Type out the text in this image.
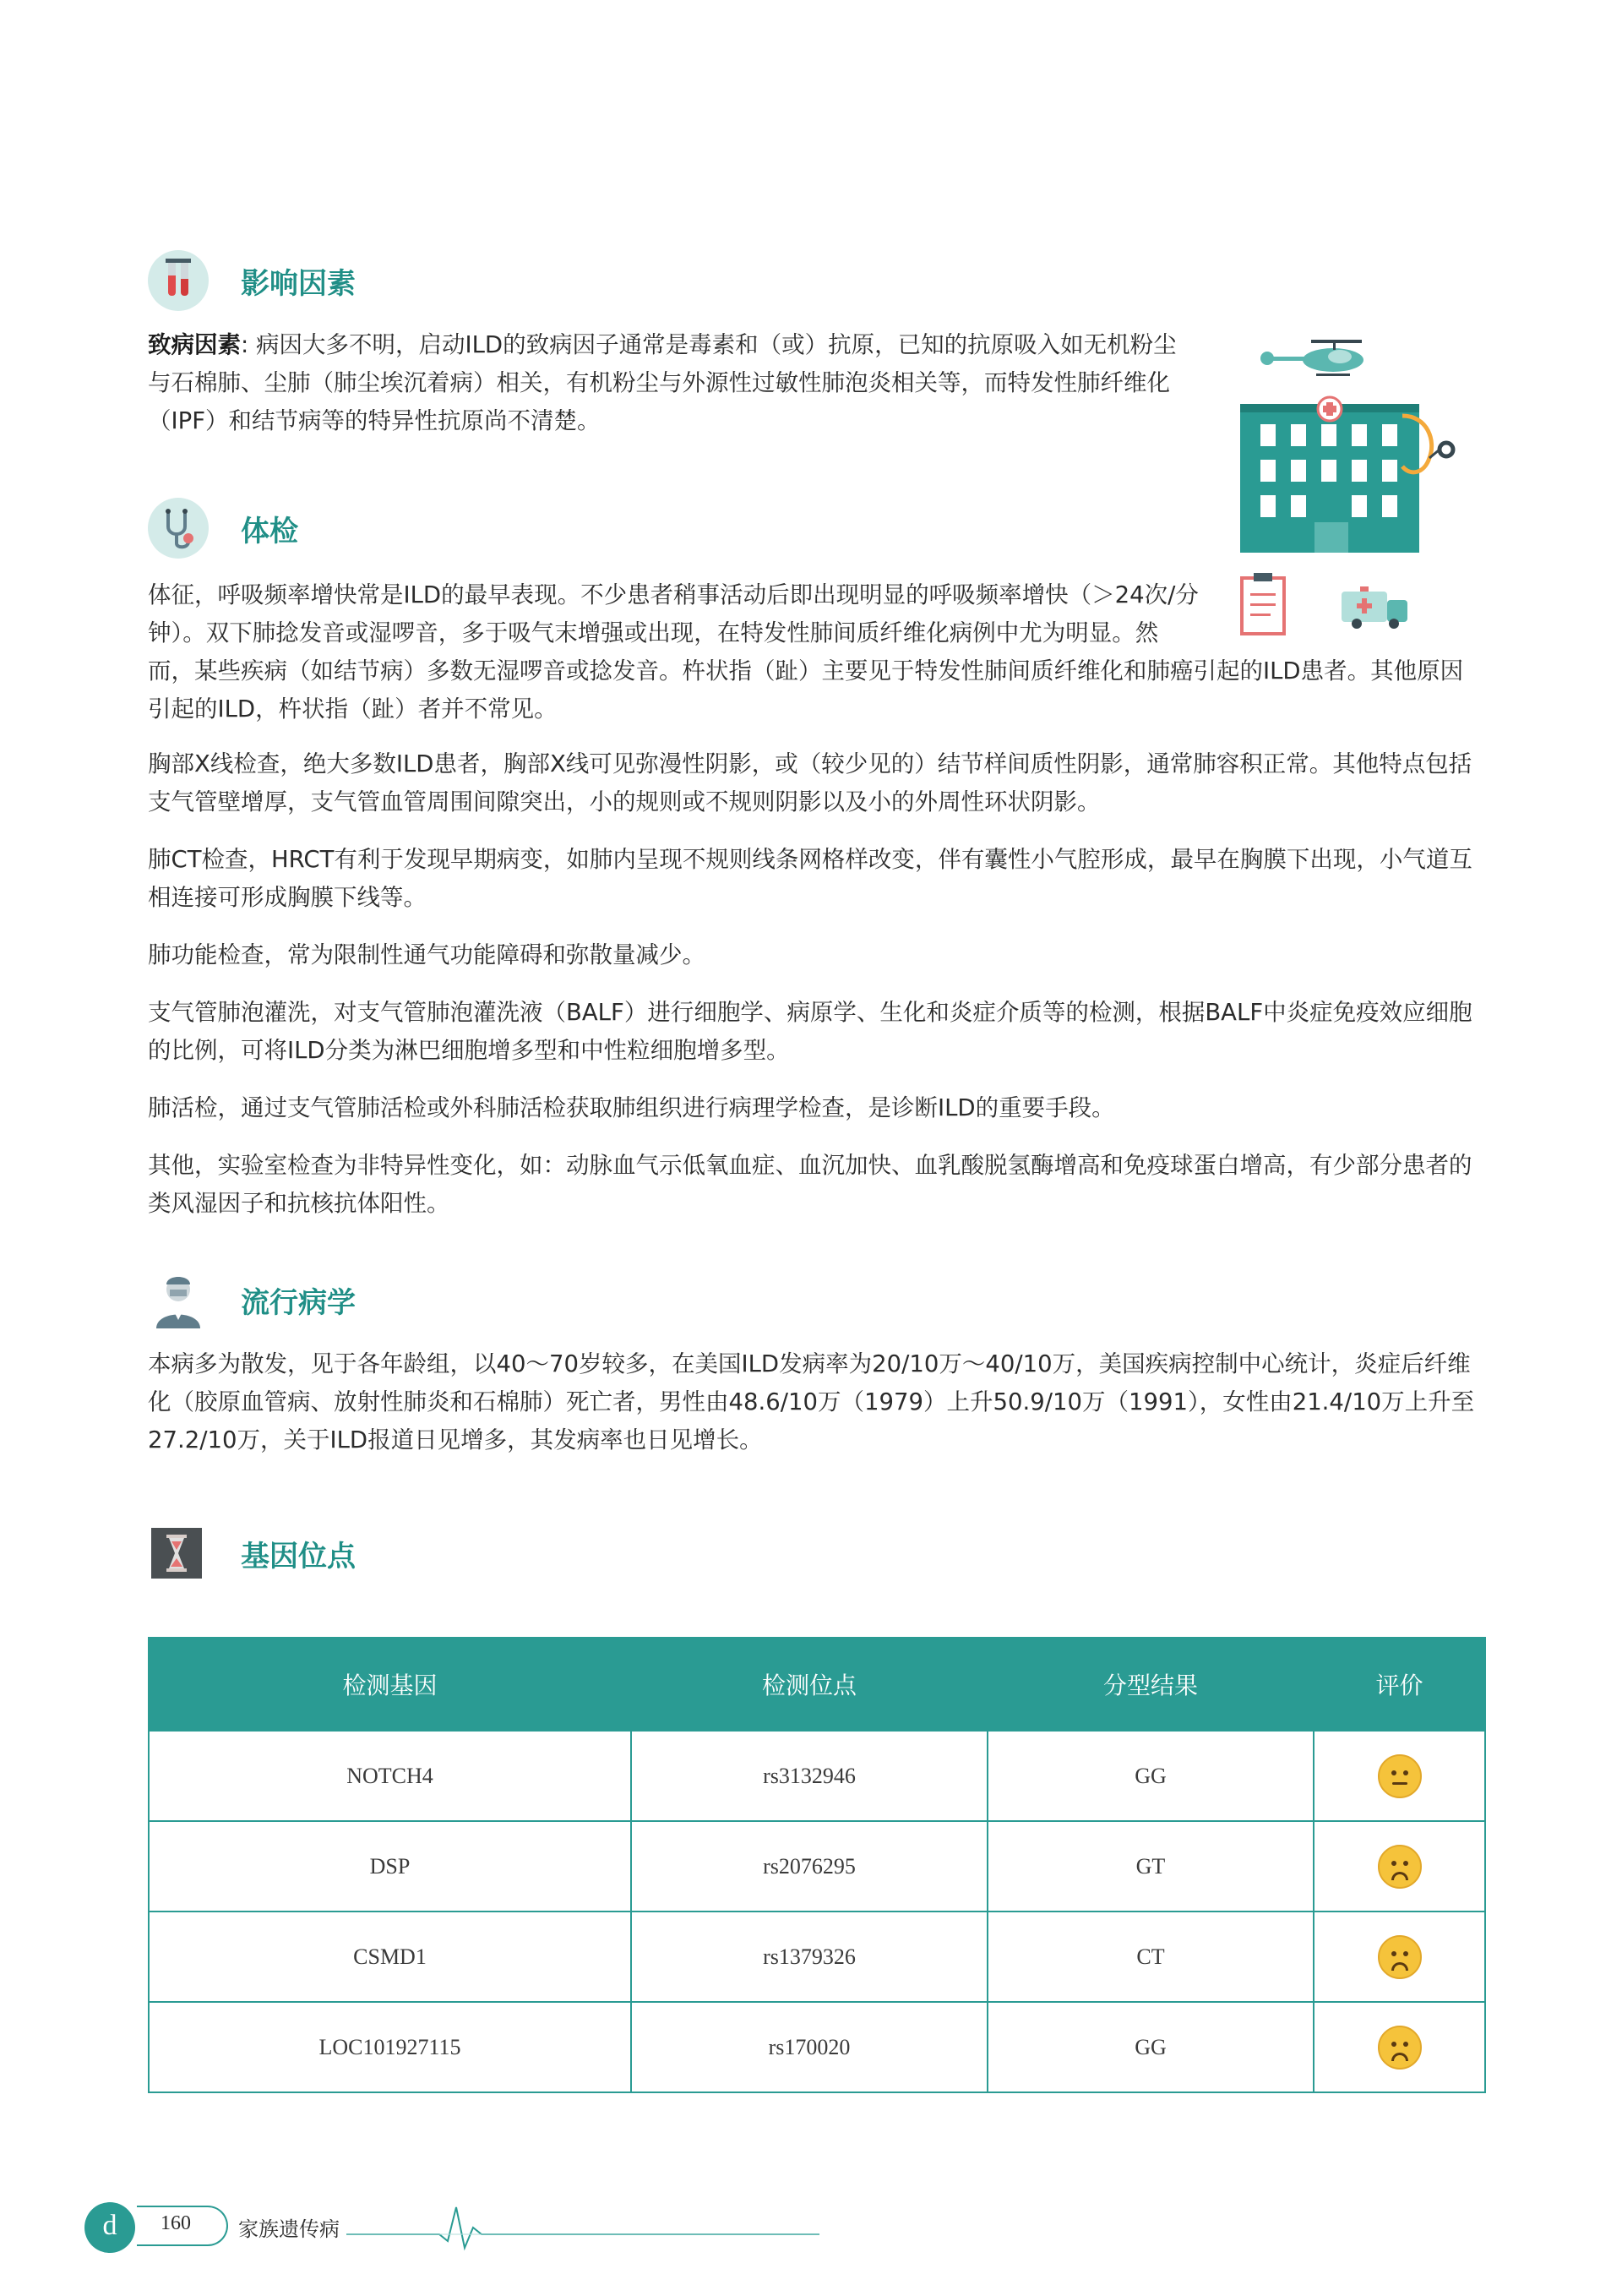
影响因素

致病因素: 病因大多不明，启动ILD的致病因子通常是毒素和（或）抗原，已知的抗原吸入如无机粉尘与石棉肺、尘肺（肺尘埃沉着病）相关，有机粉尘与外源性过敏性肺泡炎相关等，而特发性肺纤维化（IPF）和结节病等的特异性抗原尚不清楚。

体检

体征，呼吸频率增快常是ILD的最早表现。不少患者稍事活动后即出现明显的呼吸频率增快（＞24次/分钟）。双下肺捻发音或湿啰音，多于吸气末增强或出现，在特发性肺间质纤维化病例中尤为明显。然而，某些疾病（如结节病）多数无湿啰音或捻发音。杵状指（趾）主要见于特发性肺间质纤维化和肺癌引起的ILD患者。其他原因引起的ILD，杵状指（趾）者并不常见。

胸部X线检查，绝大多数ILD患者，胸部X线可见弥漫性阴影，或（较少见的）结节样间质性阴影，通常肺容积正常。其他特点包括支气管壁增厚，支气管血管周围间隙突出，小的规则或不规则阴影以及小的外周性环状阴影。

肺CT检查，HRCT有利于发现早期病变，如肺内呈现不规则线条网格样改变，伴有囊性小气腔形成，最早在胸膜下出现，小气道互相连接可形成胸膜下线等。

肺功能检查，常为限制性通气功能障碍和弥散量减少。

支气管肺泡灌洗，对支气管肺泡灌洗液（BALF）进行细胞学、病原学、生化和炎症介质等的检测，根据BALF中炎症免疫效应细胞的比例，可将ILD分类为淋巴细胞增多型和中性粒细胞增多型。

肺活检，通过支气管肺活检或外科肺活检获取肺组织进行病理学检查，是诊断ILD的重要手段。

其他，实验室检查为非特异性变化，如：动脉血气示低氧血症、血沉加快、血乳酸脱氢酶增高和免疫球蛋白增高，有少部分患者的类风湿因子和抗核抗体阳性。

流行病学

本病多为散发，见于各年龄组，以40～70岁较多，在美国ILD发病率为20/10万～40/10万，美国疾病控制中心统计，炎症后纤维化（胶原血管病、放射性肺炎和石棉肺）死亡者，男性由48.6/10万（1979）上升50.9/10万（1991），女性由21.4/10万上升至27.2/10万，关于ILD报道日见增多，其发病率也日见增长。

基因位点
检测基因	检测位点	分型结果	评价
NOTCH4	rs3132946	GG	

DSP	rs2076295	GT	

CSMD1	rs1379326	CT	

LOC101927115	rs170020	GG	
d	160 家族遗传病
